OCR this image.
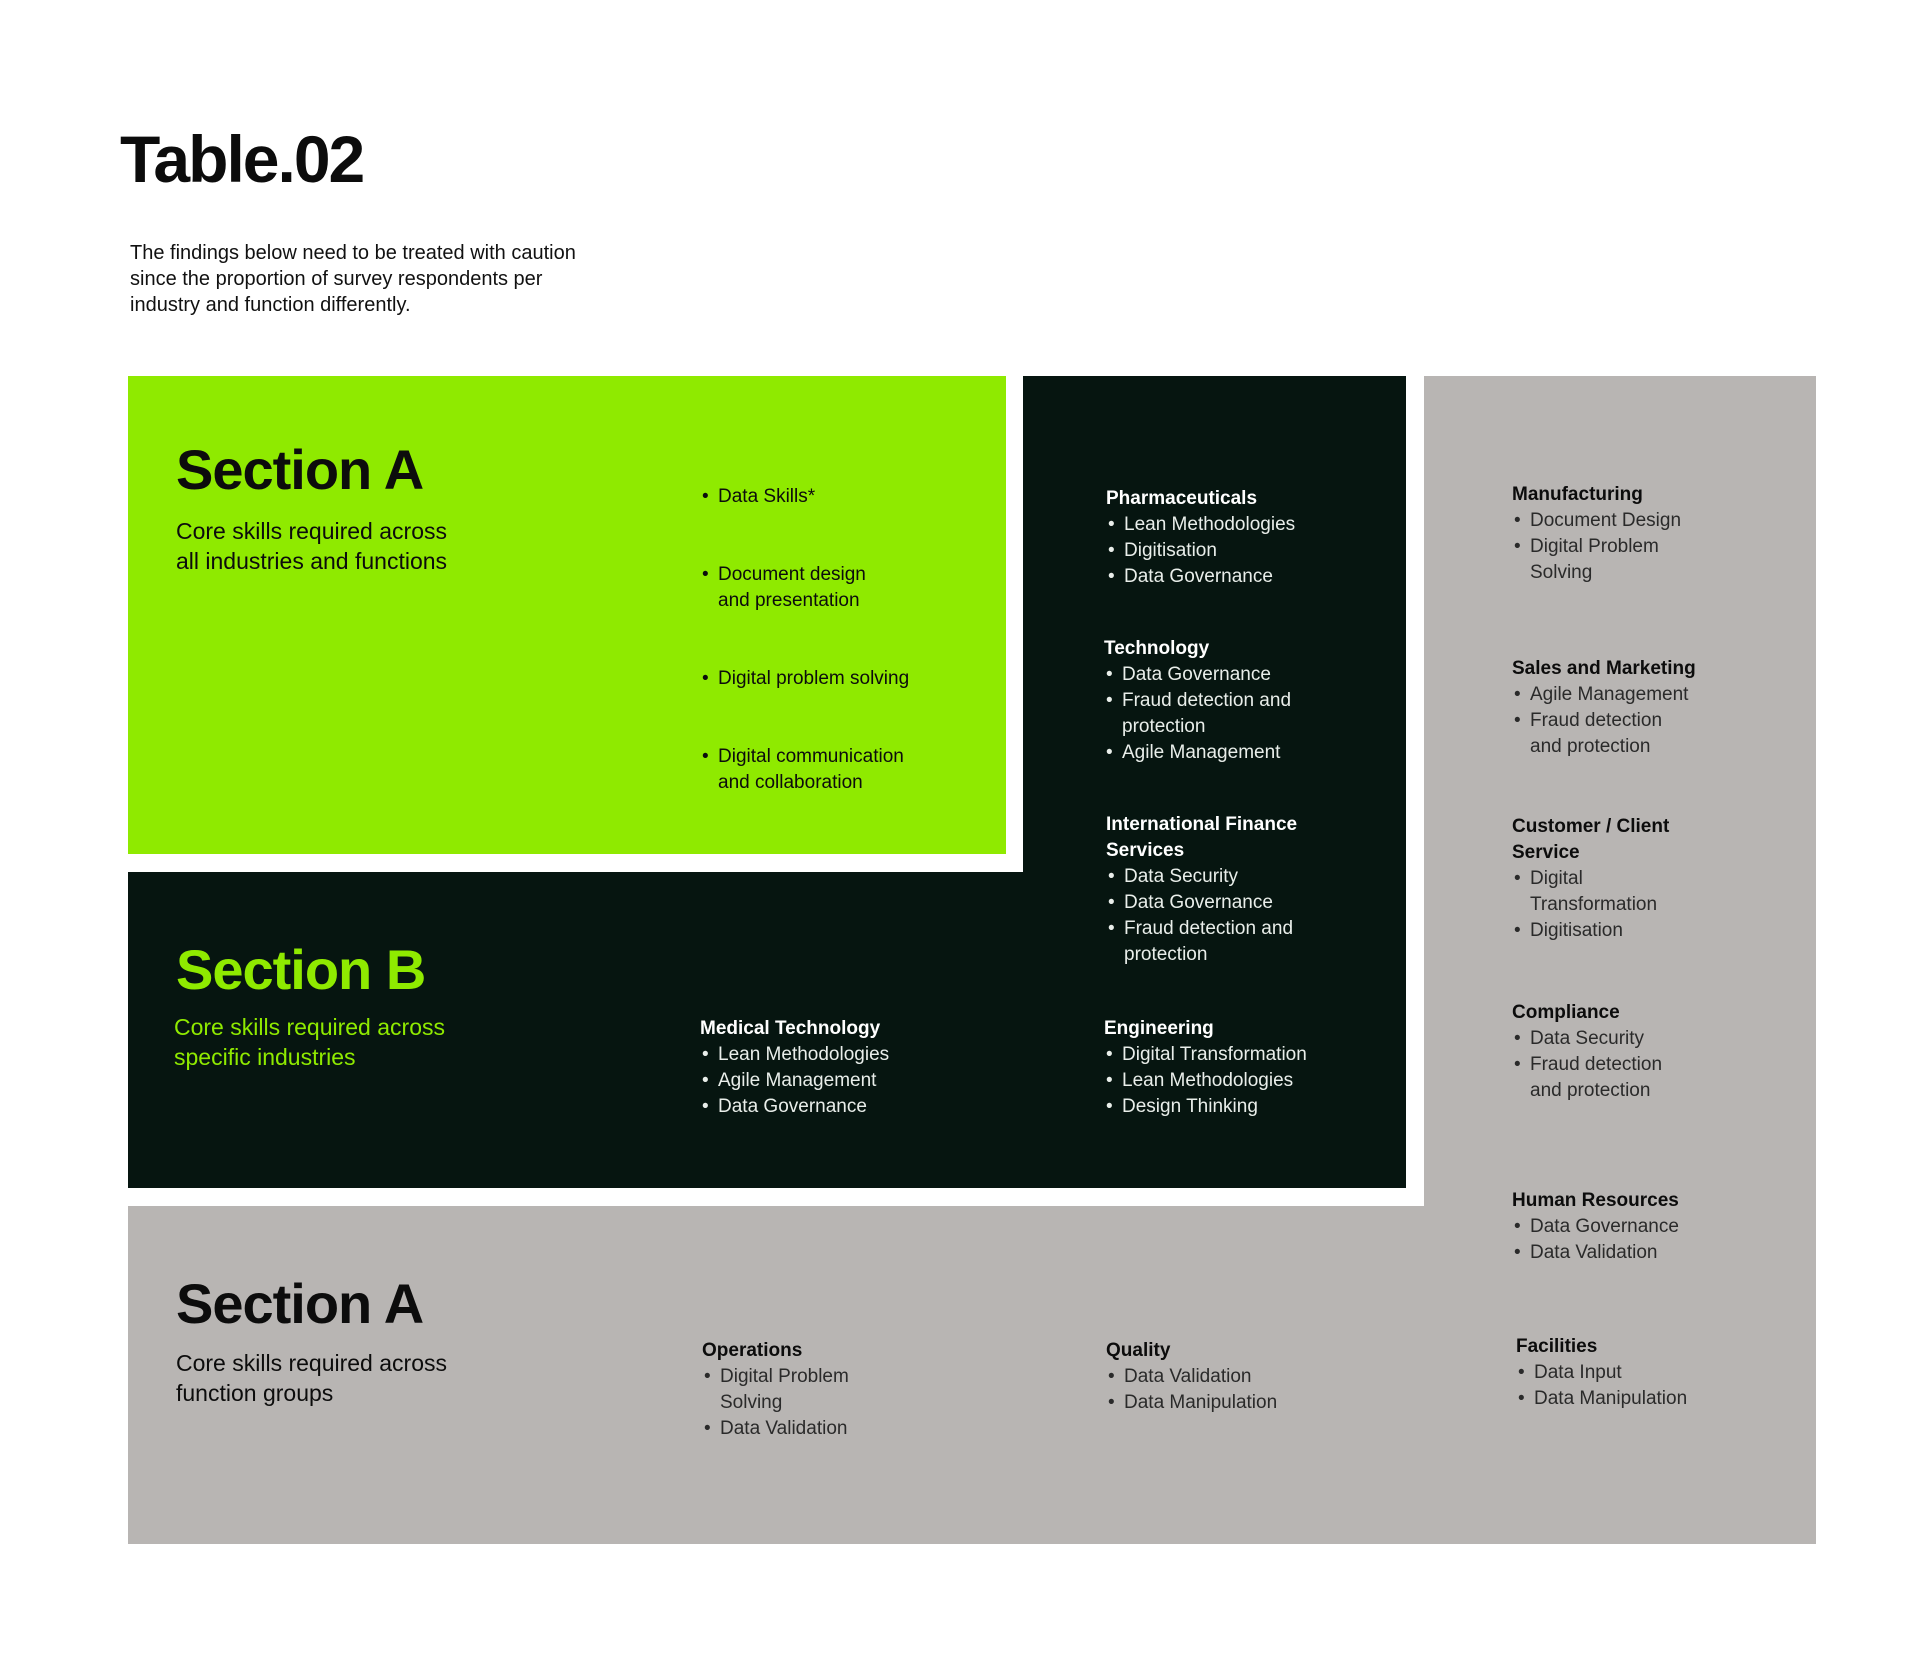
Table.02

The findings below need to be treated with caution
since the proportion of survey respondents per
industry and function differently.

Section A

Core skills required across
all industries and functions

• Data Skills*
• Document design
and presentation
• Digital problem solving
• Digital communication
and collaboration
Section B

Core skills required across
specific industries

Pharmaceuticals
• Lean Methodologies
• Digitisation
• Data Governance
Technology
• Data Governance
• Fraud detection and
protection
• Agile Management
International Finance
Services
• Data Security
• Data Governance
• Fraud detection and
protection
Medical Technology
• Lean Methodologies
• Agile Management
• Data Governance
Engineering
• Digital Transformation
• Lean Methodologies
• Design Thinking
Manufacturing
• Document Design
• Digital Problem
Solving
Sales and Marketing
• Agile Management
• Fraud detection
and protection
Customer / Client
Service
• Digital
Transformation
• Digitisation
Compliance
• Data Security
• Fraud detection
and protection
Human Resources
• Data Governance
• Data Validation
Section A

Core skills required across
function groups

Operations
• Digital Problem
Solving
• Data Validation
Quality
• Data Validation
• Data Manipulation
Facilities
• Data Input
• Data Manipulation
